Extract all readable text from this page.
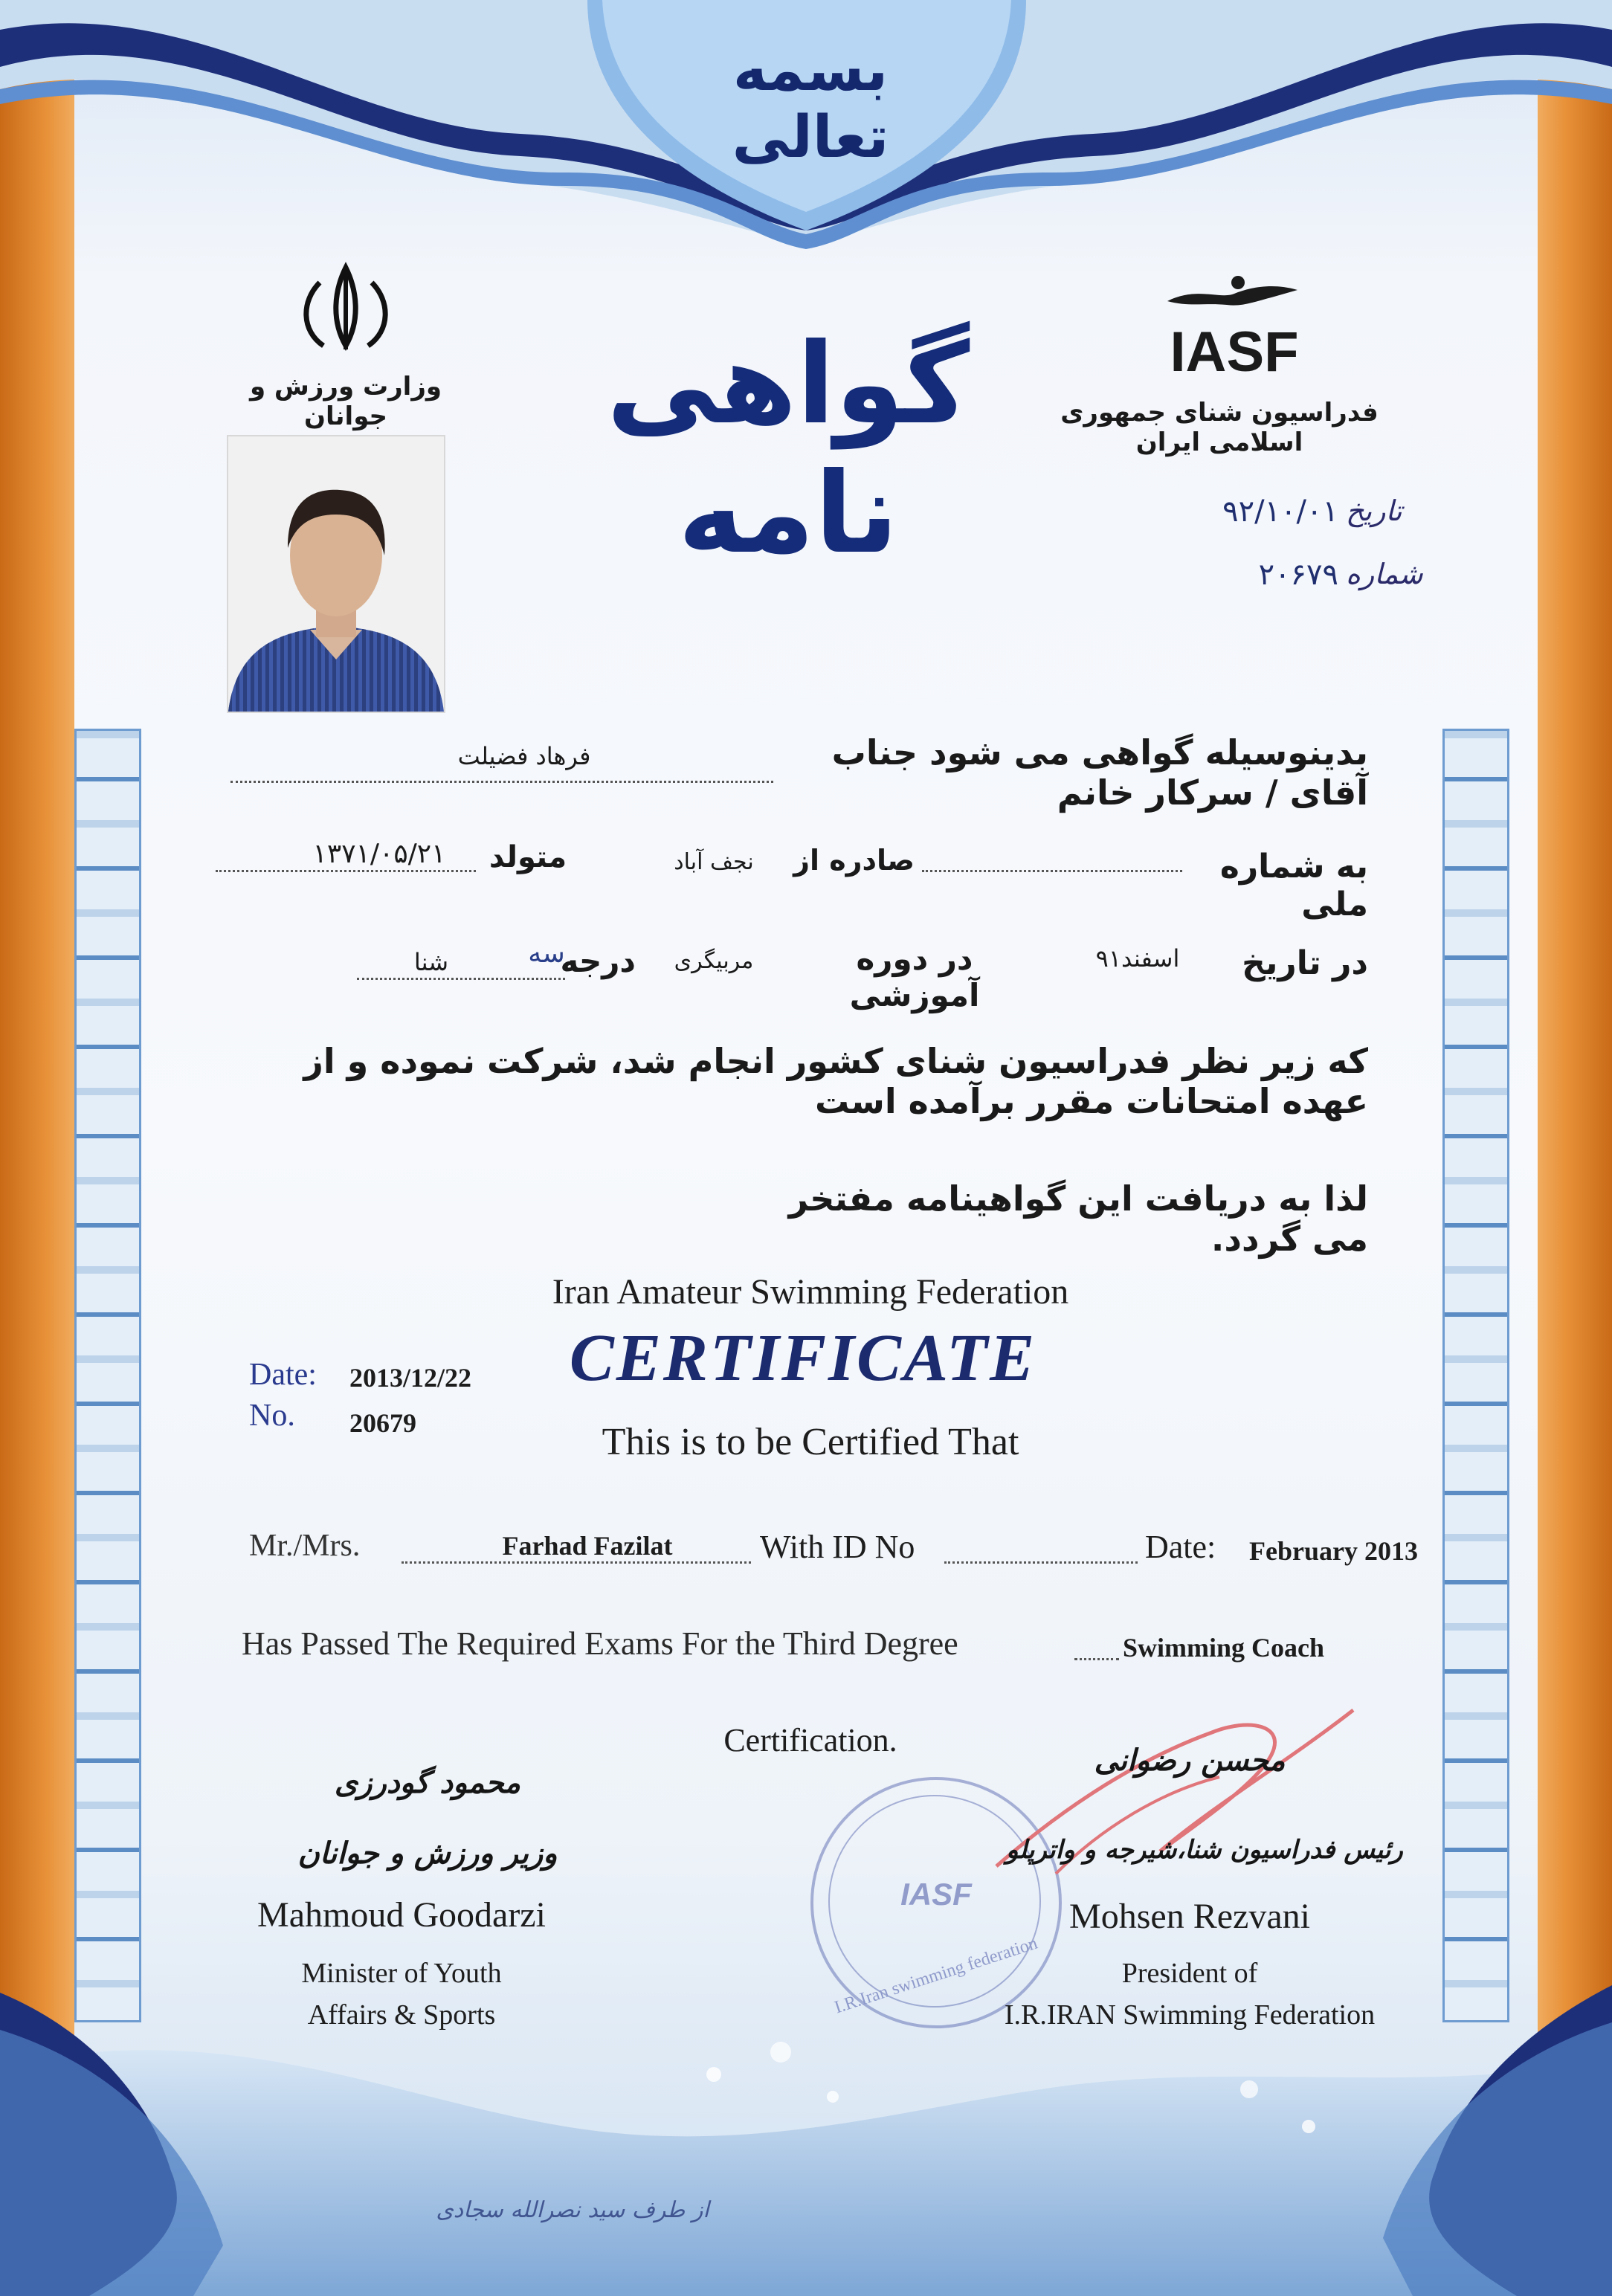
بسمه تعالی
وزارت ورزش و جوانان	گواهی نامه
IASF
فدراسیون شنای جمهوری اسلامی ایران
تاریخ
۹۲/۱۰/۰۱
شماره
۲۰۶۷۹
بدینوسیله گواهی می شود جناب آقای / سرکار خانم
فرهاد فضیلت
به شماره ملی
صادره از
نجف آباد
متولد
۱۳۷۱/۰۵/۲۱
در تاریخ
اسفند۹۱
در دوره آموزشی
مربیگری
درجه
سه
شنا
که زیر نظر فدراسیون شنای کشور انجام شد، شرکت نموده و از عهده امتحانات مقرر برآمده است
لذا به دریافت این گواهینامه مفتخر می گردد.
Iran Amateur Swimming Federation
CERTIFICATE
Date: 2013/12/22
No. 20679	This is to be Certified That
Mr./Mrs.	Farhad Fazilat	With ID No	Date: February 2013
Has Passed The Required Exams For the Third Degree	Swimming Coach
Certification.
محمود گودرزی
وزیر ورزش و جوانان
Mahmoud Goodarzi
Minister of Youth
Affairs & Sports	I.R.Iran swimming federation
IASF
محسن رضوانی
رئیس فدراسیون شنا،شیرجه و واترپلو
Mohsen Rezvani
President of
I.R.IRAN Swimming Federation
از طرف سید نصرالله سجادی
